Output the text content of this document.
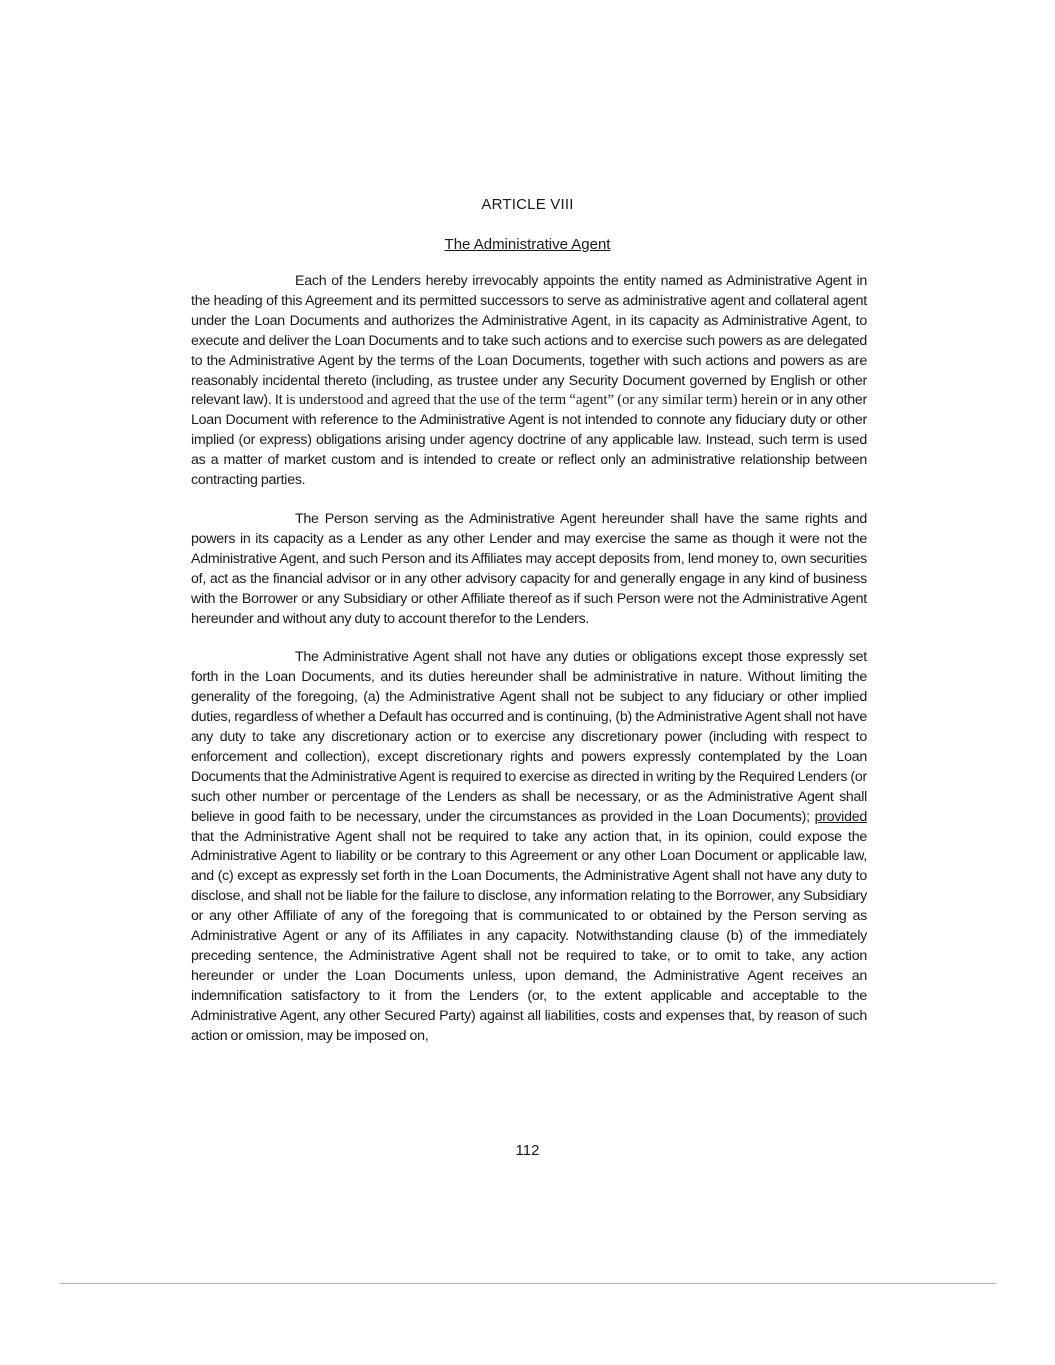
ARTICLE VIII
The Administrative Agent

Each of the Lenders hereby irrevocably appoints the entity named as Administrative Agent in the heading of this Agreement and its permitted successors to serve as administrative agent and collateral agent under the Loan Documents and authorizes the Administrative Agent, in its capacity as Administrative Agent, to execute and deliver the Loan Documents and to take such actions and to exercise such powers as are delegated to the Administrative Agent by the terms of the Loan Documents, together with such actions and powers as are reasonably incidental thereto (including, as trustee under any Security Document governed by English or other relevant law). It is understood and agreed that the use of the term “agent” (or any similar term) herein or in any other Loan Document with reference to the Administrative Agent is not intended to connote any fiduciary duty or other implied (or express) obligations arising under agency doctrine of any applicable law. Instead, such term is used as a matter of market custom and is intended to create or reflect only an administrative relationship between contracting parties.

The Person serving as the Administrative Agent hereunder shall have the same rights and powers in its capacity as a Lender as any other Lender and may exercise the same as though it were not the Administrative Agent, and such Person and its Affiliates may accept deposits from, lend money to, own securities of, act as the financial advisor or in any other advisory capacity for and generally engage in any kind of business with the Borrower or any Subsidiary or other Affiliate thereof as if such Person were not the Administrative Agent hereunder and without any duty to account therefor to the Lenders.

The Administrative Agent shall not have any duties or obligations except those expressly set forth in the Loan Documents, and its duties hereunder shall be administrative in nature. Without limiting the generality of the foregoing, (a) the Administrative Agent shall not be subject to any fiduciary or other implied duties, regardless of whether a Default has occurred and is continuing, (b) the Administrative Agent shall not have any duty to take any discretionary action or to exercise any discretionary power (including with respect to enforcement and collection), except discretionary rights and powers expressly contemplated by the Loan Documents that the Administrative Agent is required to exercise as directed in writing by the Required Lenders (or such other number or percentage of the Lenders as shall be necessary, or as the Administrative Agent shall believe in good faith to be necessary, under the circumstances as provided in the Loan Documents); provided that the Administrative Agent shall not be required to take any action that, in its opinion, could expose the Administrative Agent to liability or be contrary to this Agreement or any other Loan Document or applicable law, and (c) except as expressly set forth in the Loan Documents, the Administrative Agent shall not have any duty to disclose, and shall not be liable for the failure to disclose, any information relating to the Borrower, any Subsidiary or any other Affiliate of any of the foregoing that is communicated to or obtained by the Person serving as Administrative Agent or any of its Affiliates in any capacity. Notwithstanding clause (b) of the immediately preceding sentence, the Administrative Agent shall not be required to take, or to omit to take, any action hereunder or under the Loan Documents unless, upon demand, the Administrative Agent receives an indemnification satisfactory to it from the Lenders (or, to the extent applicable and acceptable to the Administrative Agent, any other Secured Party) against all liabilities, costs and expenses that, by reason of such action or omission, may be imposed on,

112
